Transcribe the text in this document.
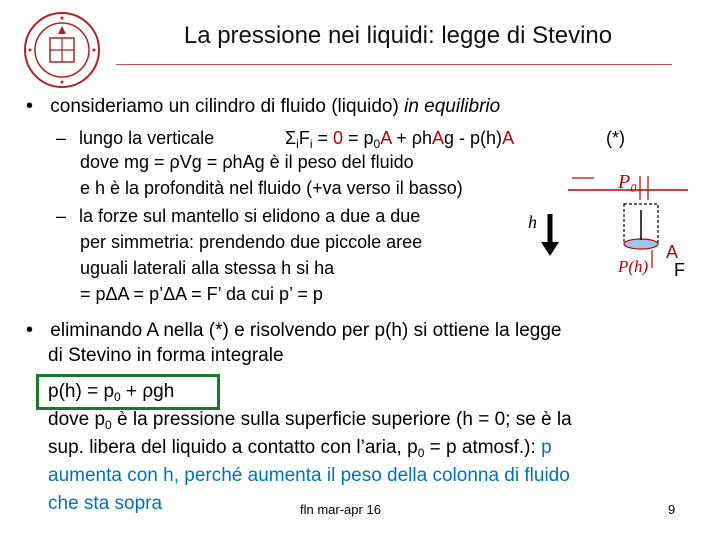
La pressione nei liquidi: legge di Stevino
• consideriamo un cilindro di fluido (liquido) in equilibrio
– lungo la verticale	$\Sigma_iF_i = 0 = p_0A + \rho hAg - p(h)A$	(*)
dove mg = ρVg = ρhAg è il peso del fluido
e h è la profondità nel fluido (+va verso il basso)
– la forze sul mantello si elidono a due a due
per simmetria: prendendo due piccole aree
uguali laterali alla stessa h si ha
= pΔA = p’ΔA = F’ da cui p’ = p
P₀
h
A
P(h) F
• eliminando A nella (*) e risolvendo per p(h) si ottiene la legge
di Stevino in forma integrale
$p(h) = p_0 + \rho gh$
dove $p_0$ è la pressione sulla superficie superiore (h = 0; se è la
sup. libera del liquido a contatto con l’aria, $p_0 = p$ atmosf.): p
aumenta con h, perché aumenta il peso della colonna di fluido
che sta sopra	fln mar-apr 16	9
